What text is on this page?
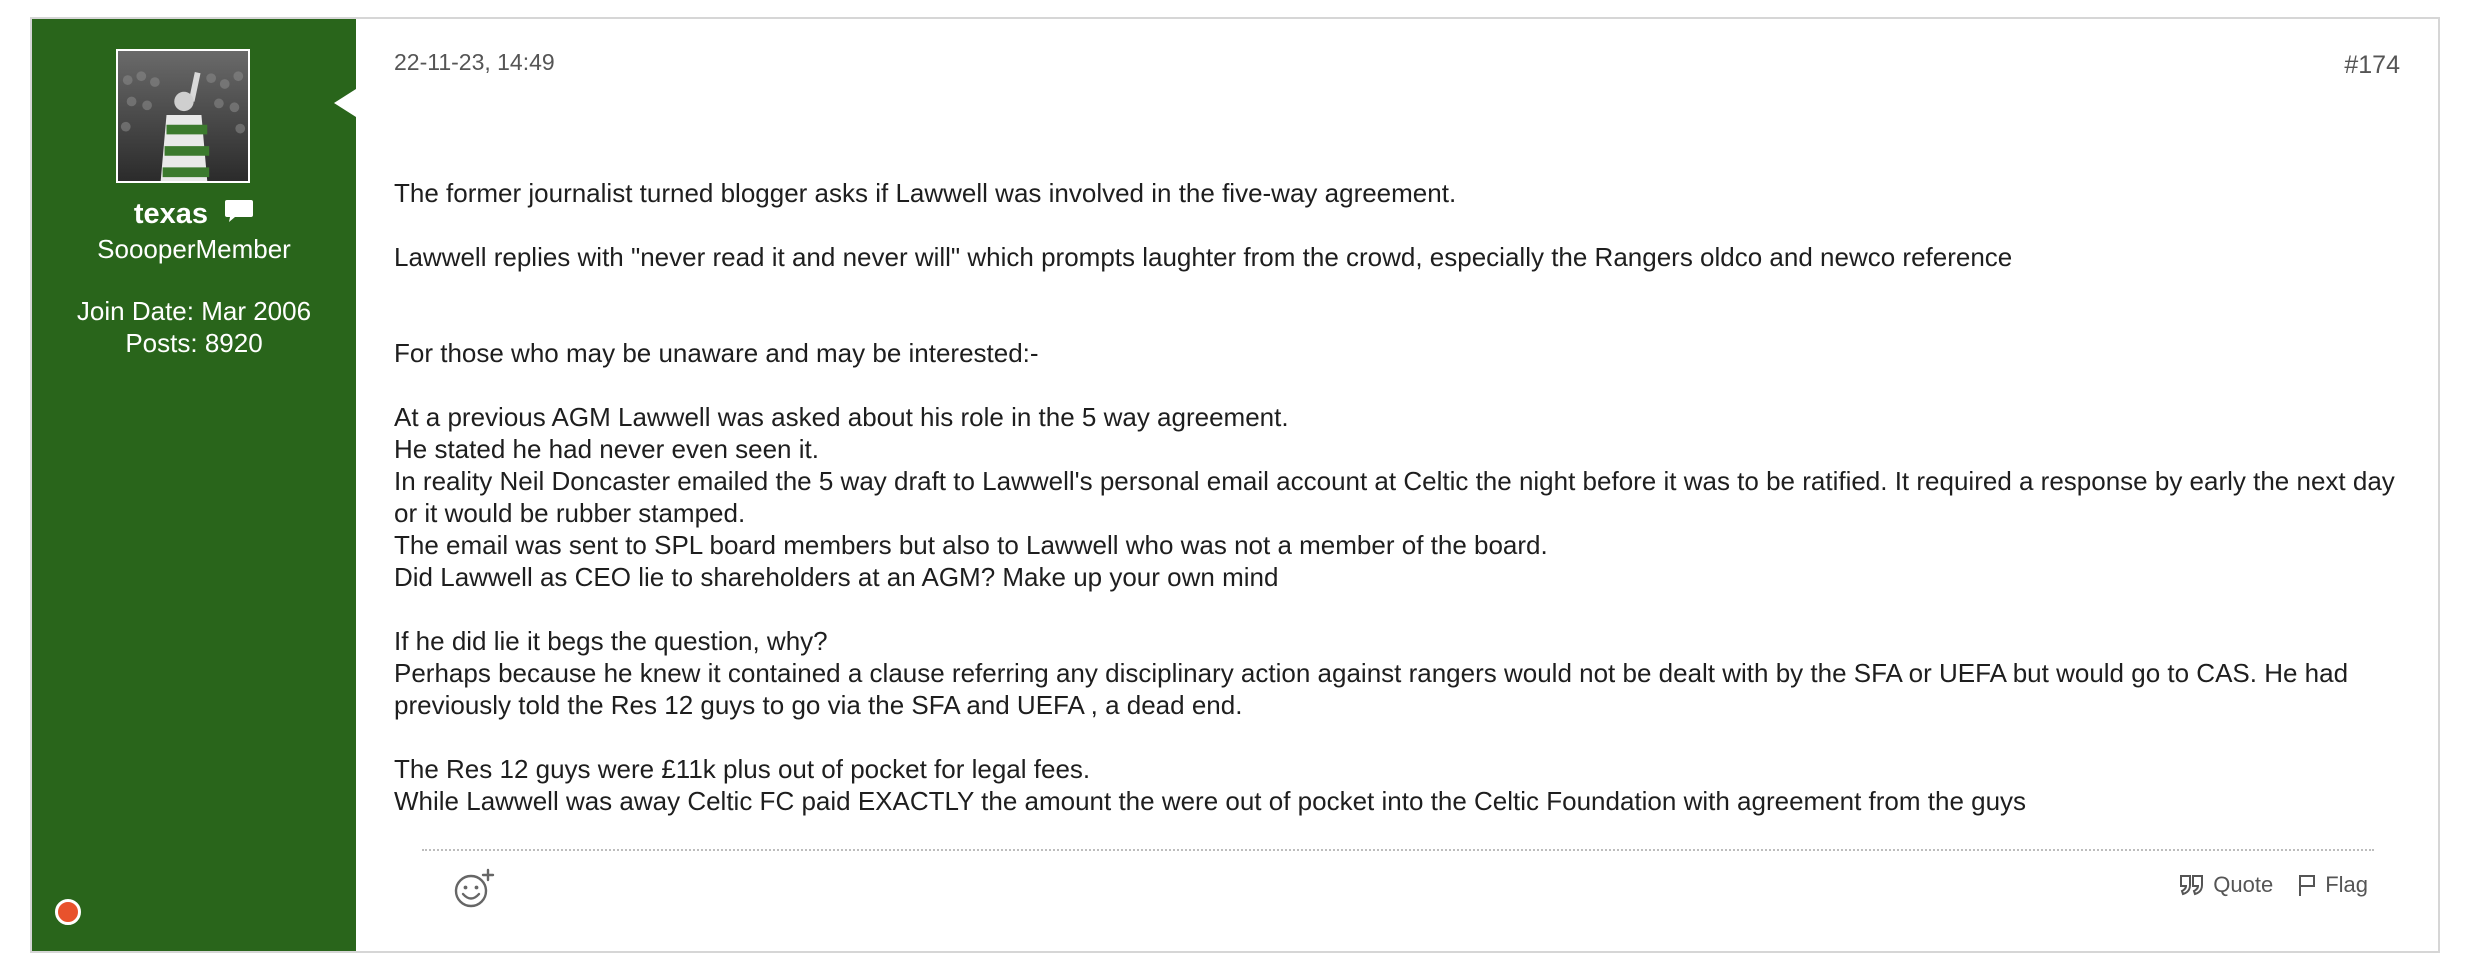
texas
SoooperMember
Join Date: Mar 2006
Posts: 8920
22-11-23, 14:49	#174

The former journalist turned blogger asks if Lawwell was involved in the five-way agreement.

Lawwell replies with "never read it and never will" which prompts laughter from the crowd, especially the Rangers oldco and newco reference

For those who may be unaware and may be interested:-

At a previous AGM Lawwell was asked about his role in the 5 way agreement.

He stated he had never even seen it.

In reality Neil Doncaster emailed the 5 way draft to Lawwell's personal email account at Celtic the night before it was to be ratified. It required a response by early the next day or it would be rubber stamped.

The email was sent to SPL board members but also to Lawwell who was not a member of the board.

Did Lawwell as CEO lie to shareholders at an AGM? Make up your own mind

If he did lie it begs the question, why?

Perhaps because he knew it contained a clause referring any disciplinary action against rangers would not be dealt with by the SFA or UEFA but would go to CAS. He had previously told the Res 12 guys to go via the SFA and UEFA , a dead end.

The Res 12 guys were £11k plus out of pocket for legal fees.

While Lawwell was away Celtic FC paid EXACTLY the amount the were out of pocket into the Celtic Foundation with agreement from the guys

Quote Flag
